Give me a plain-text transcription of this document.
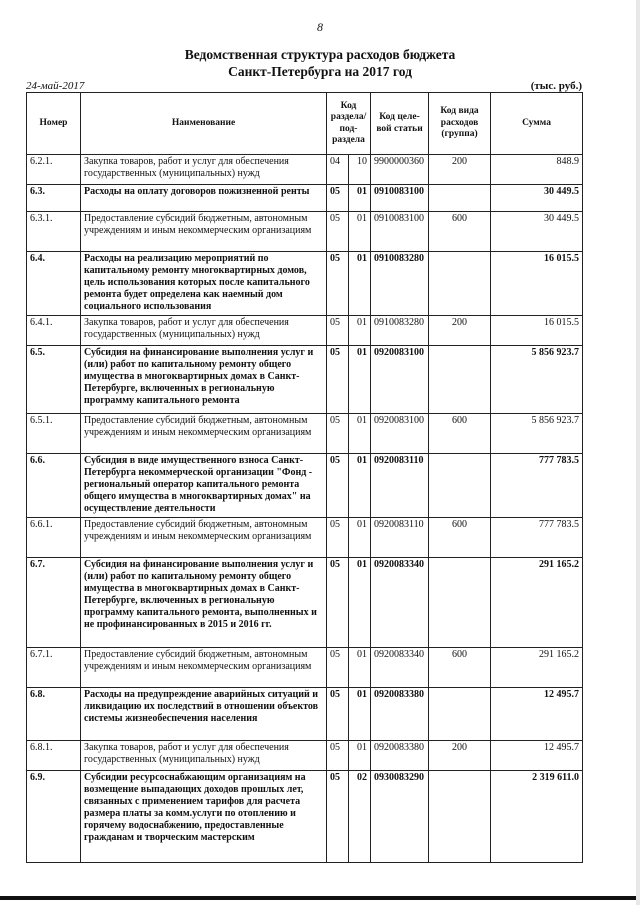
8
Ведомственная структура расходов бюджета
Санкт-Петербурга на 2017 год
24-май-2017	(тыс. руб.)
Номер	Наименование	Код раздела/ под- раздела		Код целе- вой статьи	Код вида расходов (группа)	Сумма
6.2.1.	Закупка товаров, работ и услуг для обеспечения государственных (муниципальных) нужд	04	10	9900000360	200	848.9
6.3.	Расходы на оплату договоров пожизненной ренты	05	01	0910083100		30 449.5
6.3.1.	Предоставление субсидий бюджетным, автономным учреждениям и иным некоммерческим организациям	05	01	0910083100	600	30 449.5
6.4.	Расходы на реализацию мероприятий по капитальному ремонту многоквартирных домов, цель использования которых после капитального ремонта будет определена как наемный дом социального использования	05	01	0910083280		16 015.5
6.4.1.	Закупка товаров, работ и услуг для обеспечения государственных (муниципальных) нужд	05	01	0910083280	200	16 015.5
6.5.	Субсидия на финансирование выполнения услуг и (или) работ по капитальному ремонту общего имущества в многоквартирных домах в Санкт-Петербурге, включенных в региональную программу капитального ремонта	05	01	0920083100		5 856 923.7
6.5.1.	Предоставление субсидий бюджетным, автономным учреждениям и иным некоммерческим организациям	05	01	0920083100	600	5 856 923.7
6.6.	Субсидия в виде имущественного взноса Санкт-Петербурга некоммерческой организации "Фонд - региональный оператор капитального ремонта общего имущества в многоквартирных домах" на осуществление деятельности	05	01	0920083110		777 783.5
6.6.1.	Предоставление субсидий бюджетным, автономным учреждениям и иным некоммерческим организациям	05	01	0920083110	600	777 783.5
6.7.	Субсидия на финансирование выполнения услуг и (или) работ по капитальному ремонту общего имущества в многоквартирных домах в Санкт-Петербурге, включенных в региональную программу капитального ремонта, выполненных и не профинансированных в 2015 и 2016 гг.	05	01	0920083340		291 165.2
6.7.1.	Предоставление субсидий бюджетным, автономным учреждениям и иным некоммерческим организациям	05	01	0920083340	600	291 165.2
6.8.	Расходы на предупреждение аварийных ситуаций и ликвидацию их последствий в отношении объектов системы жизнеобеспечения населения	05	01	0920083380		12 495.7
6.8.1.	Закупка товаров, работ и услуг для обеспечения государственных (муниципальных) нужд	05	01	0920083380	200	12 495.7
6.9.	Субсидии ресурсоснабжающим организациям на возмещение выпадающих доходов прошлых лет, связанных с применением тарифов для расчета размера платы за комм.услуги по отоплению и горячему водоснабжению, предоставленные гражданам и творческим мастерским	05	02	0930083290		2 319 611.0
